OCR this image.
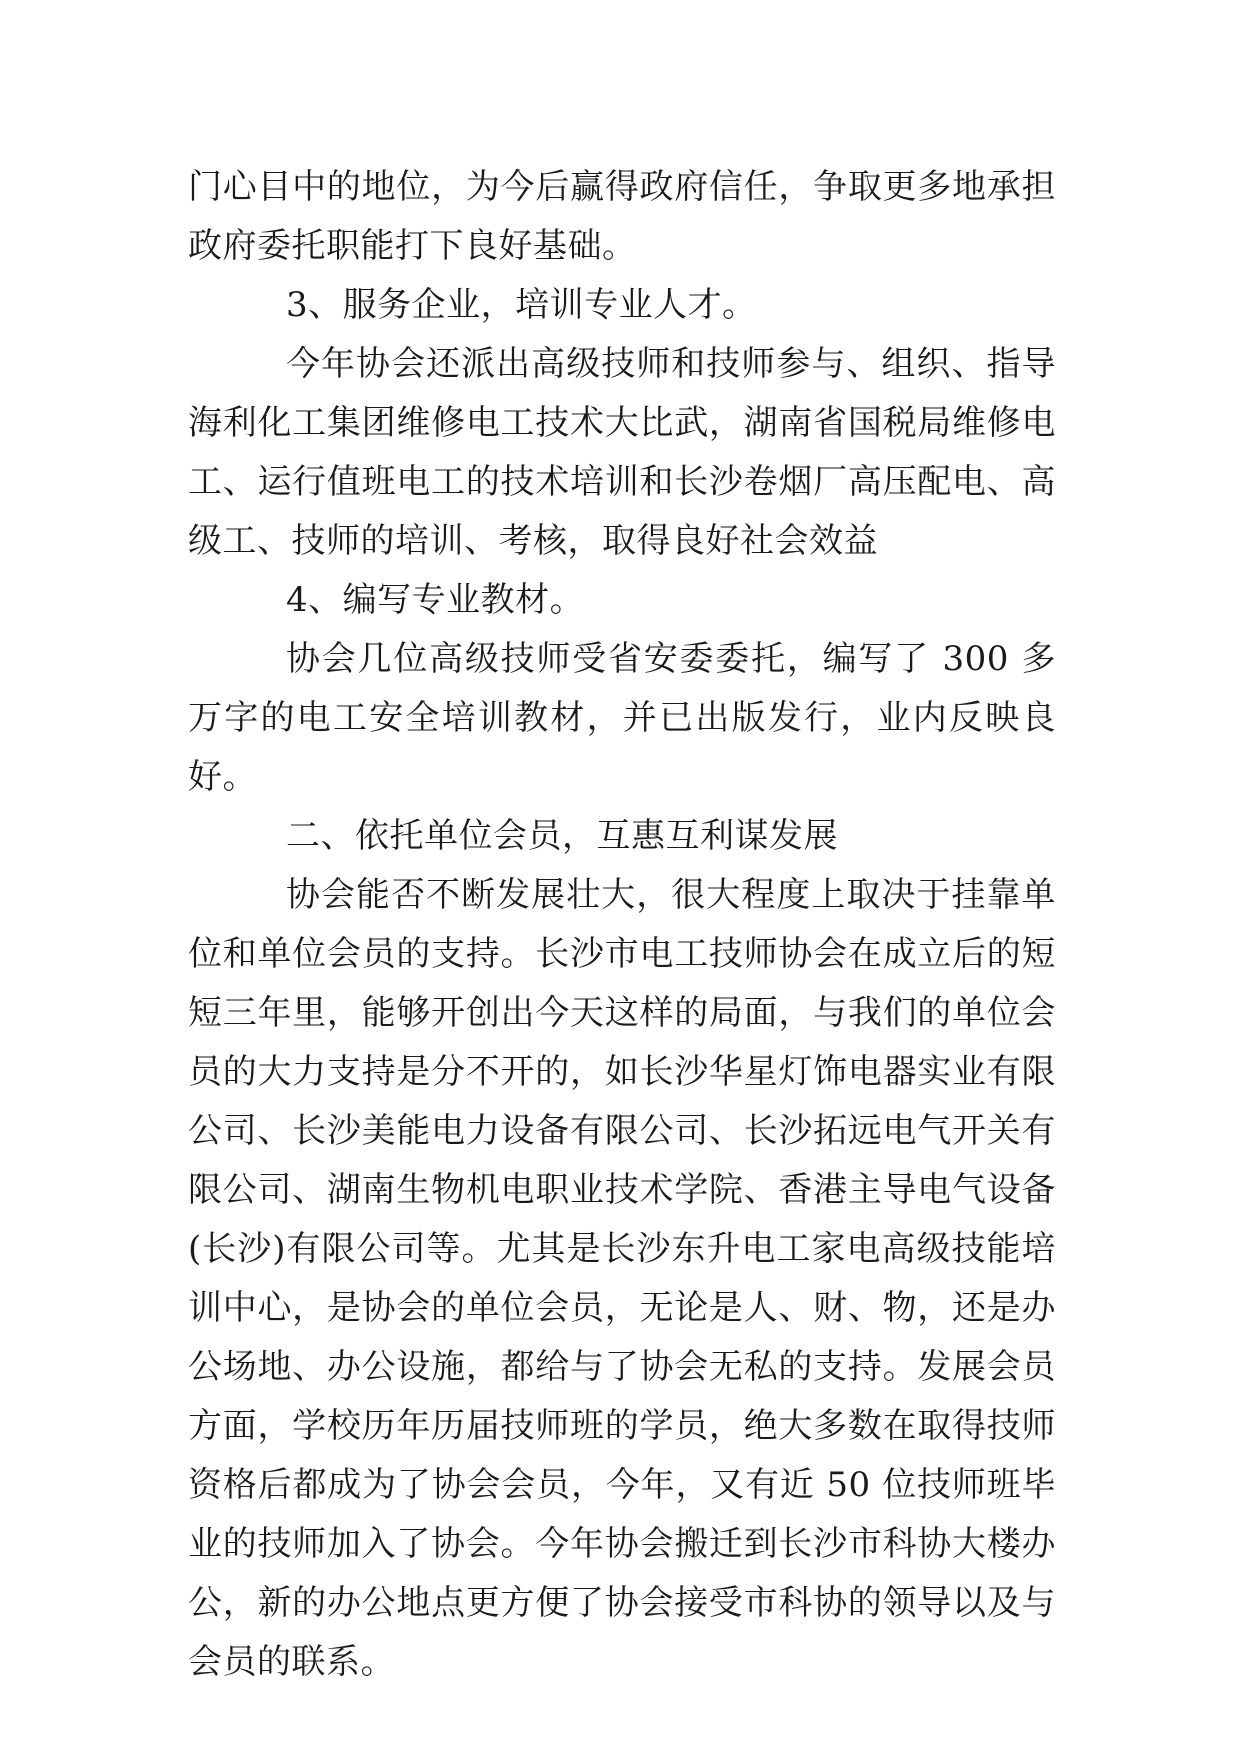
门心目中的地位，为今后赢得政府信任，争取更多地承担政府委托职能打下良好基础。

3、服务企业，培训专业人才。

今年协会还派出高级技师和技师参与、组织、指导海利化工集团维修电工技术大比武，湖南省国税局维修电工、运行值班电工的技术培训和长沙卷烟厂高压配电、高级工、技师的培训、考核，取得良好社会效益

4、编写专业教材。

协会几位高级技师受省安委委托，编写了 300 多万字的电工安全培训教材，并已出版发行，业内反映良好。

二、依托单位会员，互惠互利谋发展

协会能否不断发展壮大，很大程度上取决于挂靠单位和单位会员的支持。长沙市电工技师协会在成立后的短短三年里，能够开创出今天这样的局面，与我们的单位会员的大力支持是分不开的，如长沙华星灯饰电器实业有限公司、长沙美能电力设备有限公司、长沙拓远电气开关有限公司、湖南生物机电职业技术学院、香港主导电气设备(长沙)有限公司等。尤其是长沙东升电工家电高级技能培训中心，是协会的单位会员，无论是人、财、物，还是办公场地、办公设施，都给与了协会无私的支持。发展会员方面，学校历年历届技师班的学员，绝大多数在取得技师资格后都成为了协会会员，今年，又有近 50 位技师班毕业的技师加入了协会。今年协会搬迁到长沙市科协大楼办公，新的办公地点更方便了协会接受市科协的领导以及与会员的联系。
